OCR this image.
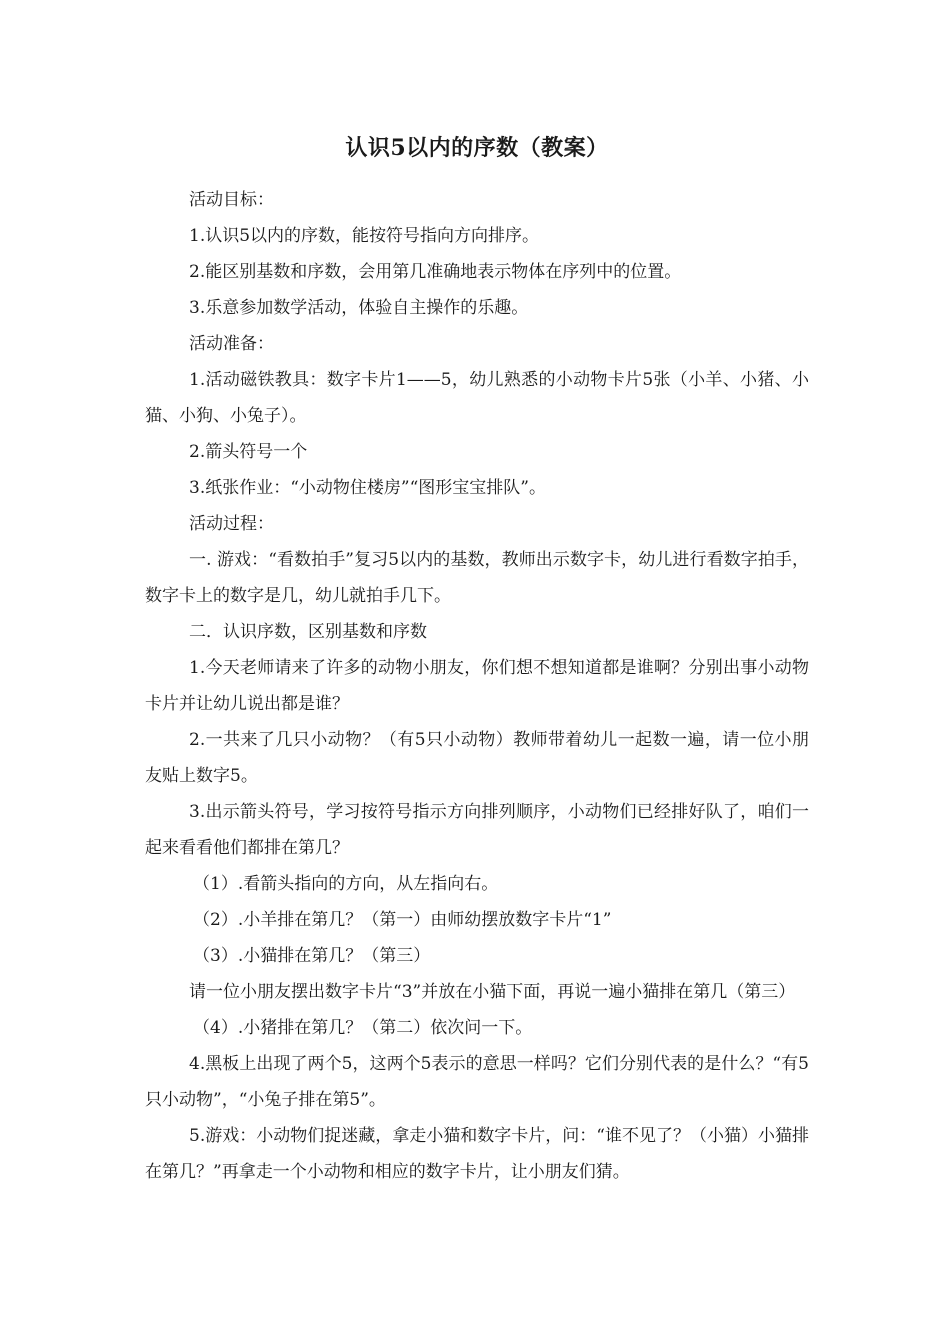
认识5以内的序数（教案）

活动目标：

1.认识5以内的序数，能按符号指向方向排序。

2.能区别基数和序数，会用第几准确地表示物体在序列中的位置。

3.乐意参加数学活动，体验自主操作的乐趣。

活动准备：

1.活动磁铁教具：数字卡片1——5，幼儿熟悉的小动物卡片5张（小羊、小猪、小猫、小狗、小兔子）。

2.箭头符号一个

3.纸张作业：“小动物住楼房”“图形宝宝排队”。

活动过程：

一. 游戏：“看数拍手”复习5以内的基数，教师出示数字卡，幼儿进行看数字拍手，数字卡上的数字是几，幼儿就拍手几下。

二．认识序数，区别基数和序数

1.今天老师请来了许多的动物小朋友，你们想不想知道都是谁啊？分别出事小动物卡片并让幼儿说出都是谁？

2.一共来了几只小动物？（有5只小动物）教师带着幼儿一起数一遍，请一位小朋友贴上数字5。

3.出示箭头符号，学习按符号指示方向排列顺序，小动物们已经排好队了，咱们一起来看看他们都排在第几？

（1）.看箭头指向的方向，从左指向右。

（2）.小羊排在第几？（第一）由师幼摆放数字卡片“1”

（3）.小猫排在第几？（第三）

请一位小朋友摆出数字卡片“3”并放在小猫下面，再说一遍小猫排在第几（第三）

（4）.小猪排在第几？（第二）依次问一下。

4.黑板上出现了两个5，这两个5表示的意思一样吗？它们分别代表的是什么？“有5只小动物”，“小兔子排在第5”。

5.游戏：小动物们捉迷藏，拿走小猫和数字卡片，问：“谁不见了？（小猫）小猫排在第几？”再拿走一个小动物和相应的数字卡片，让小朋友们猜。
